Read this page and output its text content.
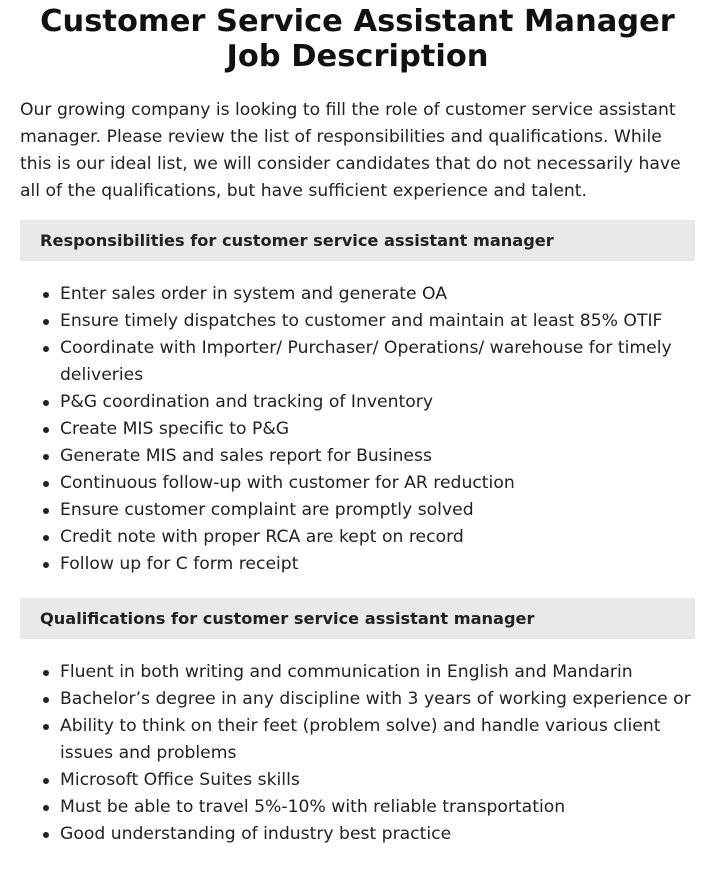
Customer Service Assistant Manager Job Description

Our growing company is looking to fill the role of customer service assistant manager. Please review the list of responsibilities and qualifications. While this is our ideal list, we will consider candidates that do not necessarily have all of the qualifications, but have sufficient experience and talent.

Responsibilities for customer service assistant manager
Enter sales order in system and generate OA
Ensure timely dispatches to customer and maintain at least 85% OTIF
Coordinate with Importer/ Purchaser/ Operations/ warehouse for timely deliveries
P&G coordination and tracking of Inventory
Create MIS specific to P&G
Generate MIS and sales report for Business
Continuous follow-up with customer for AR reduction
Ensure customer complaint are promptly solved
Credit note with proper RCA are kept on record
Follow up for C form receipt
Qualifications for customer service assistant manager
Fluent in both writing and communication in English and Mandarin
Bachelor’s degree in any discipline with 3 years of working experience or
Ability to think on their feet (problem solve) and handle various client issues and problems
Microsoft Office Suites skills
Must be able to travel 5%-10% with reliable transportation
Good understanding of industry best practice
